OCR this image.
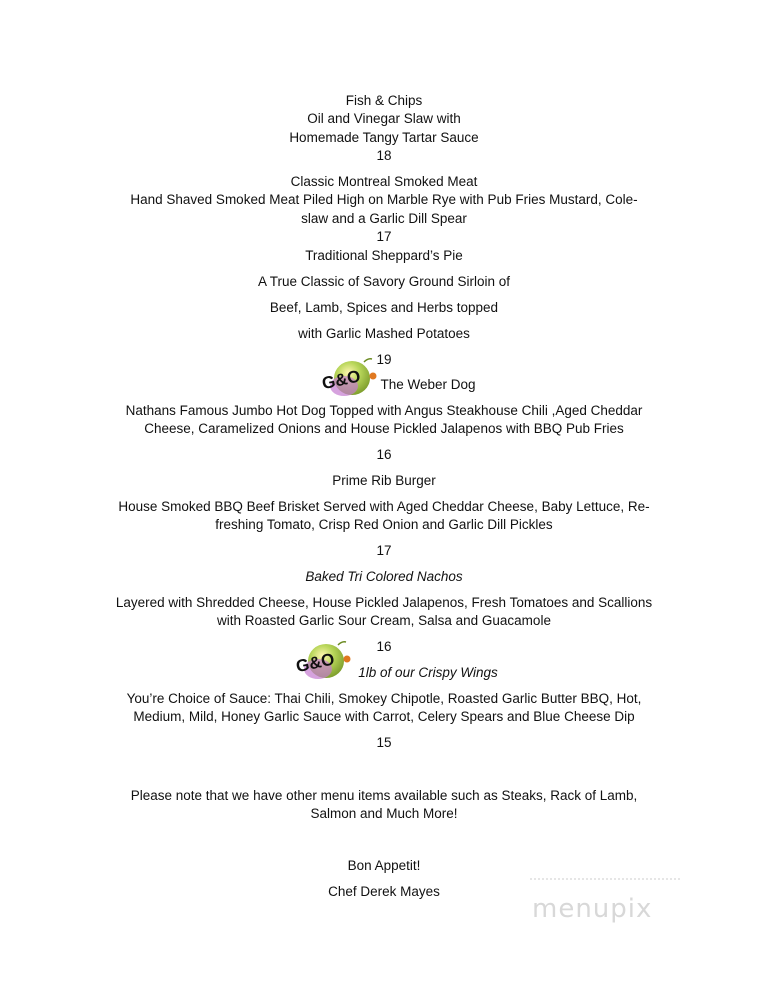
Fish & Chips
Oil and Vinegar Slaw with
Homemade Tangy Tartar Sauce
18
Classic Montreal Smoked Meat
Hand Shaved Smoked Meat Piled High on Marble Rye with Pub Fries Mustard, Cole-
slaw and a Garlic Dill Spear
17
Traditional Sheppard’s Pie
A True Classic of Savory Ground Sirloin of
Beef, Lamb, Spices and Herbs topped
with Garlic Mashed Potatoes
19
G&O	The Weber Dog
Nathans Famous Jumbo Hot Dog Topped with Angus Steakhouse Chili ,Aged Cheddar
Cheese, Caramelized Onions and House Pickled Jalapenos with BBQ Pub Fries
16
Prime Rib Burger
House Smoked BBQ Beef Brisket Served with Aged Cheddar Cheese, Baby Lettuce, Re-
freshing Tomato, Crisp Red Onion and Garlic Dill Pickles
17
Baked Tri Colored Nachos
Layered with Shredded Cheese, House Pickled Jalapenos, Fresh Tomatoes and Scallions
with Roasted Garlic Sour Cream, Salsa and Guacamole
16
G&O	1lb of our Crispy Wings
You’re Choice of Sauce: Thai Chili, Smokey Chipotle, Roasted Garlic Butter BBQ, Hot,
Medium, Mild, Honey Garlic Sauce with Carrot, Celery Spears and Blue Cheese Dip
15
Please note that we have other menu items available such as Steaks, Rack of Lamb,
Salmon and Much More!
Bon Appetit!
Chef Derek Mayes
menupix
